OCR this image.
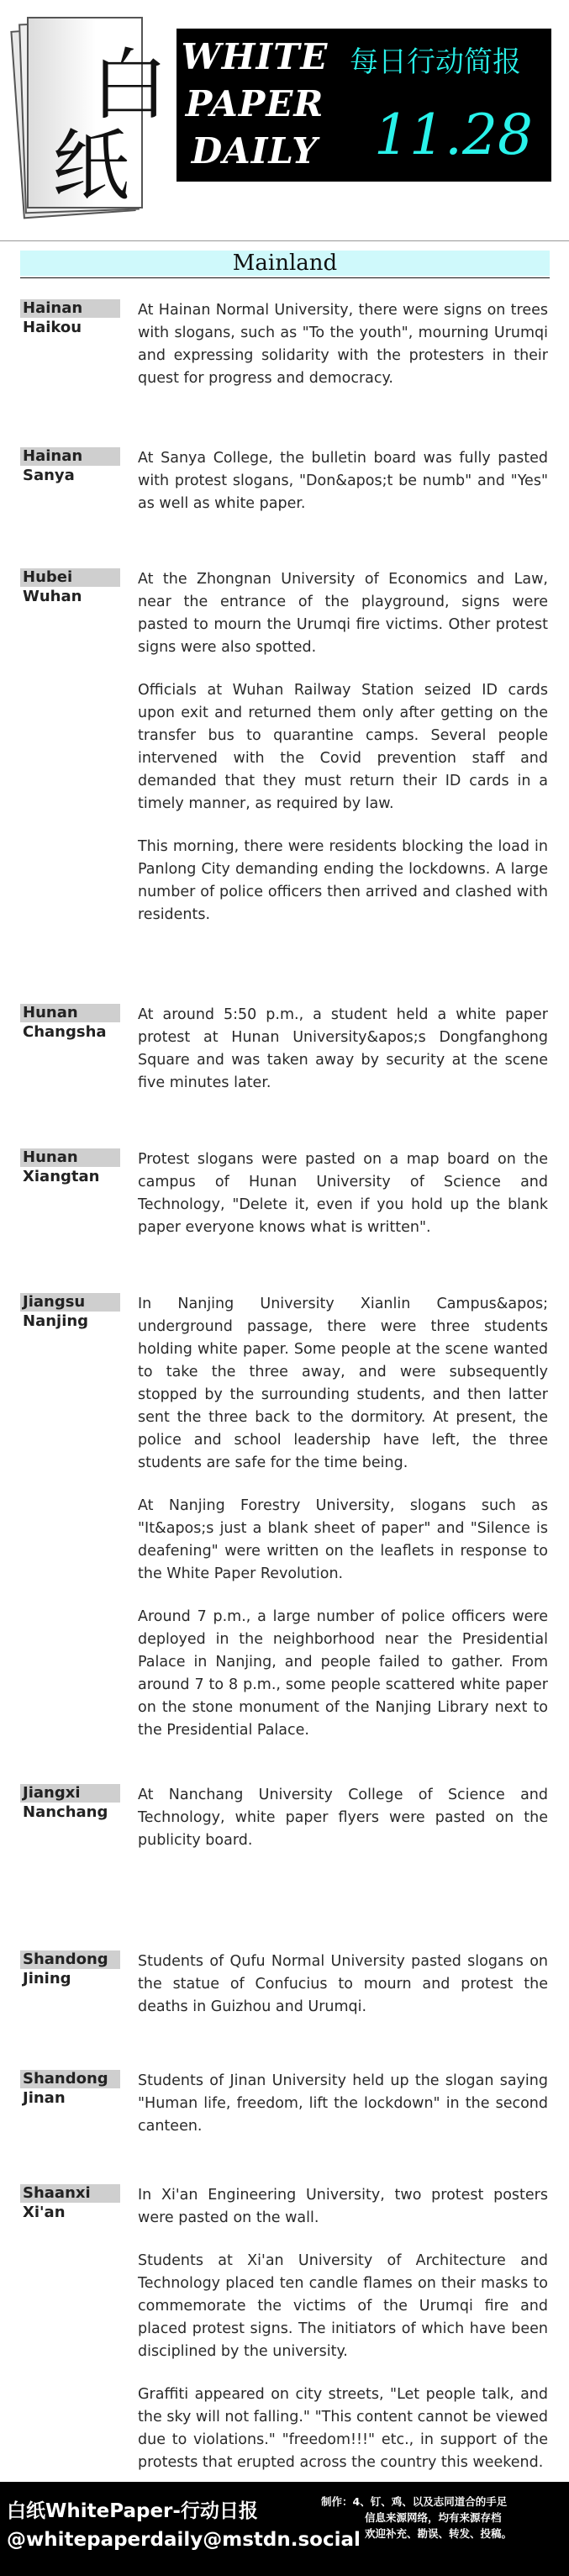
白
纸
WHITE
PAPER
DAILY
每日行动简报
11.28
Mainland
Hainan
Haikou

At Hainan Normal University, there were signs on trees with slogans, such as "To the youth", mourning Urumqi and expressing solidarity with the protesters in their quest for progress and democracy.

Hainan
Sanya

At Sanya College, the bulletin board was fully pasted with protest slogans, "Don&apos;t be numb" and "Yes" as well as white paper.

Hubei
Wuhan

At the Zhongnan University of Economics and Law, near the entrance of the playground, signs were pasted to mourn the Urumqi fire victims. Other protest signs were also spotted.

Officials at Wuhan Railway Station seized ID cards upon exit and returned them only after getting on the transfer bus to quarantine camps. Several people intervened with the Covid prevention staff and demanded that they must return their ID cards in a timely manner, as required by law.

This morning, there were residents blocking the load in Panlong City demanding ending the lockdowns. A large number of police officers then arrived and clashed with residents.

Hunan
Changsha

At around 5:50 p.m., a student held a white paper protest at Hunan University&apos;s Dongfanghong Square and was taken away by security at the scene five minutes later.

Hunan
Xiangtan

Protest slogans were pasted on a map board on the campus of Hunan University of Science and Technology, "Delete it, even if you hold up the blank paper everyone knows what is written".

Jiangsu
Nanjing

In Nanjing University Xianlin Campus&apos; underground passage, there were three students holding white paper. Some people at the scene wanted to take the three away, and were subsequently stopped by the surrounding students, and then latter sent the three back to the dormitory. At present, the police and school leadership have left, the three students are safe for the time being.

At Nanjing Forestry University, slogans such as "It&apos;s just a blank sheet of paper" and "Silence is deafening" were written on the leaflets in response to the White Paper Revolution.

Around 7 p.m., a large number of police officers were deployed in the neighborhood near the Presidential Palace in Nanjing, and people failed to gather. From around 7 to 8 p.m., some people scattered white paper on the stone monument of the Nanjing Library next to the Presidential Palace.

Jiangxi
Nanchang

At Nanchang University College of Science and Technology, white paper flyers were pasted on the publicity board.

Shandong
Jining

Students of Qufu Normal University pasted slogans on the statue of Confucius to mourn and protest the deaths in Guizhou and Urumqi.

Shandong
Jinan

Students of Jinan University held up the slogan saying "Human life, freedom, lift the lockdown" in the second canteen.

Shaanxi
Xi'an

In Xi'an Engineering University, two protest posters were pasted on the wall.

Students at Xi'an University of Architecture and Technology placed ten candle flames on their masks to commemorate the victims of the Urumqi fire and placed protest signs. The initiators of which have been disciplined by the university.

Graffiti appeared on city streets, "Let people talk, and the sky will not falling." "This content cannot be viewed due to violations." "freedom!!!" etc., in support of the protests that erupted across the country this weekend.

白纸WhitePaper-行动日报
@whitepaperdaily@mstdn.social
制作：4、钉、鸡、以及志同道合的手足
信息来源网络，均有来源存档
欢迎补充、勘误、转发、投稿。
